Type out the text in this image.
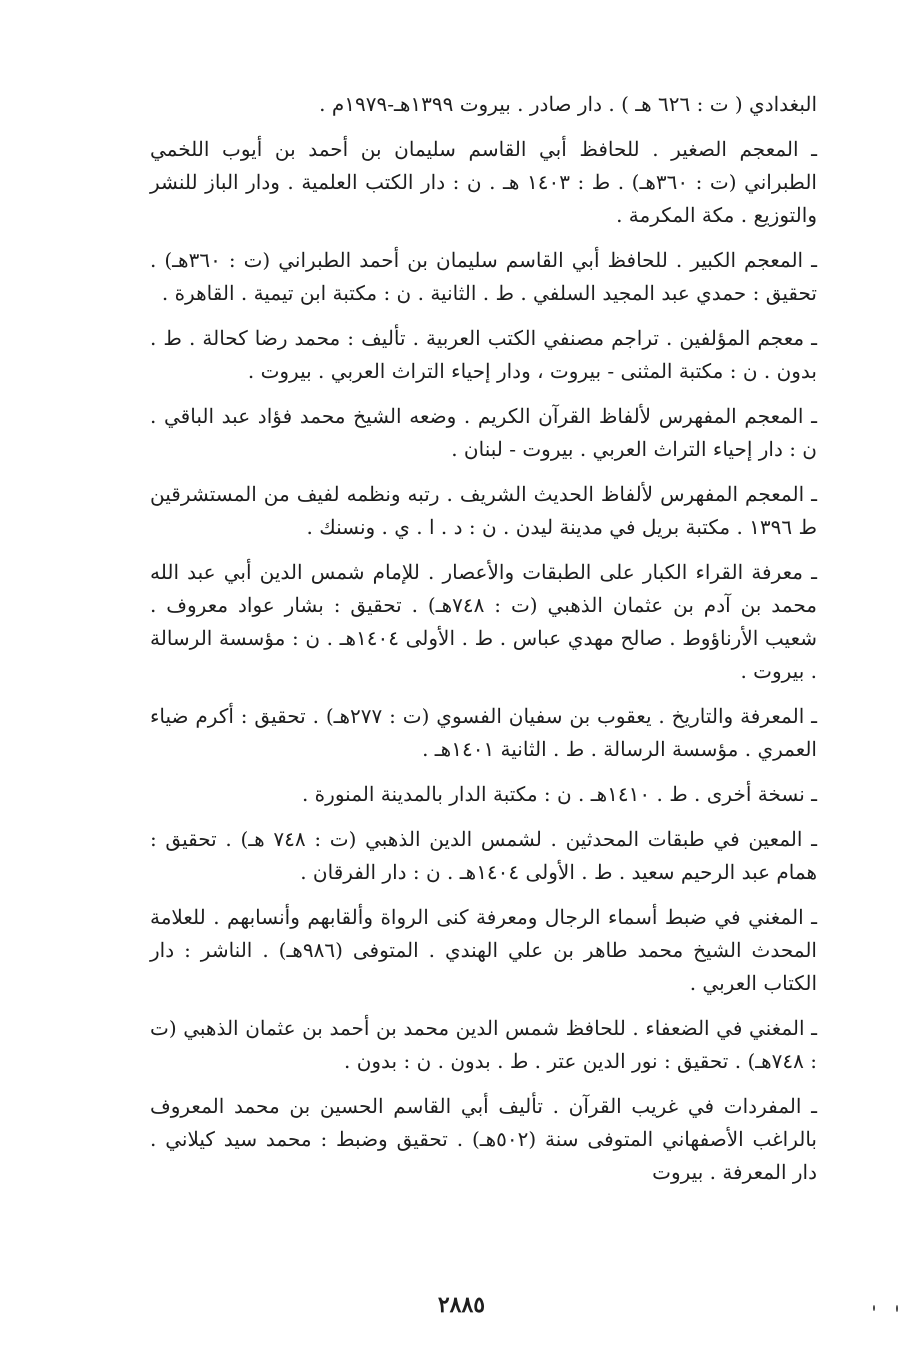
البغدادي ( ت : ٦٢٦ هـ ) . دار صادر . بيروت ١٣٩٩هـ-١٩٧٩م .

ـ المعجم الصغير . للحافظ أبي القاسم سليمان بن أحمد بن أيوب اللخمي الطبراني (ت : ٣٦٠هـ) . ط : ١٤٠٣ هـ . ن : دار الكتب العلمية . ودار الباز للنشر والتوزيع . مكة المكرمة .

ـ المعجم الكبير . للحافظ أبي القاسم سليمان بن أحمد الطبراني (ت : ٣٦٠هـ) . تحقيق : حمدي عبد المجيد السلفي . ط . الثانية . ن : مكتبة ابن تيمية . القاهرة .

ـ معجم المؤلفين . تراجم مصنفي الكتب العربية . تأليف : محمد رضا كحالة . ط . بدون . ن : مكتبة المثنى - بيروت ، ودار إحياء التراث العربي . بيروت .

ـ المعجم المفهرس لألفاظ القرآن الكريم . وضعه الشيخ محمد فؤاد عبد الباقي . ن : دار إحياء التراث العربي . بيروت - لبنان .

ـ المعجم المفهرس لألفاظ الحديث الشريف . رتبه ونظمه لفيف من المستشرقين ط ١٣٩٦ . مكتبة بريل في مدينة ليدن . ن : د . ا . ي . ونسنك .

ـ معرفة القراء الكبار على الطبقات والأعصار . للإمام شمس الدين أبي عبد الله محمد بن آدم بن عثمان الذهبي (ت : ٧٤٨هـ) . تحقيق : بشار عواد معروف . شعيب الأرناؤوط . صالح مهدي عباس . ط . الأولى ١٤٠٤هـ . ن : مؤسسة الرسالة . بيروت .

ـ المعرفة والتاريخ . يعقوب بن سفيان الفسوي (ت : ٢٧٧هـ) . تحقيق : أكرم ضياء العمري . مؤسسة الرسالة . ط . الثانية ١٤٠١هـ .

ـ نسخة أخرى . ط . ١٤١٠هـ . ن : مكتبة الدار بالمدينة المنورة .

ـ المعين في طبقات المحدثين . لشمس الدين الذهبي (ت : ٧٤٨ هـ) . تحقيق : همام عبد الرحيم سعيد . ط . الأولى ١٤٠٤هـ . ن : دار الفرقان .

ـ المغني في ضبط أسماء الرجال ومعرفة كنى الرواة وألقابهم وأنسابهم . للعلامة المحدث الشيخ محمد طاهر بن علي الهندي . المتوفى (٩٨٦هـ) . الناشر : دار الكتاب العربي .

ـ المغني في الضعفاء . للحافظ شمس الدين محمد بن أحمد بن عثمان الذهبي (ت : ٧٤٨هـ) . تحقيق : نور الدين عتر . ط . بدون . ن : بدون .

ـ المفردات في غريب القرآن . تأليف أبي القاسم الحسين بن محمد المعروف بالراغب الأصفهاني المتوفى سنة (٥٠٢هـ) . تحقيق وضبط : محمد سيد كيلاني . دار المعرفة . بيروت

٢٨٨٥
